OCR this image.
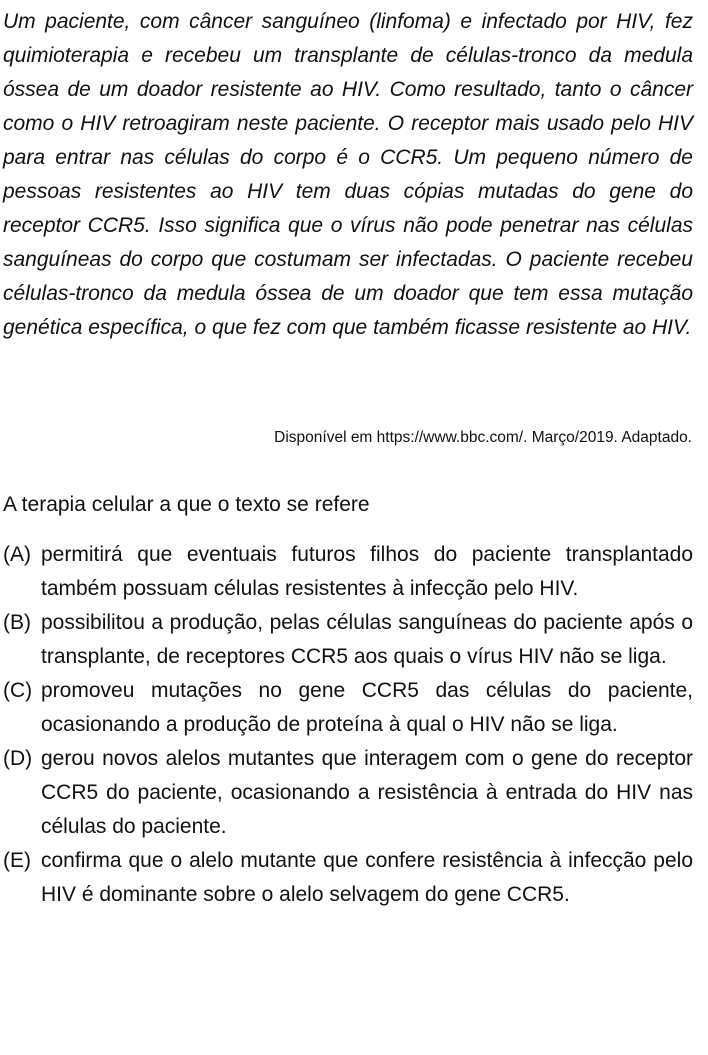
Um paciente, com câncer sanguíneo (linfoma) e infectado por HIV, fez quimioterapia e recebeu um transplante de células-tronco da medula óssea de um doador resistente ao HIV. Como resultado, tanto o câncer como o HIV retroagiram neste paciente. O receptor mais usado pelo HIV para entrar nas células do corpo é o CCR5. Um pequeno número de pessoas resistentes ao HIV tem duas cópias mutadas do gene do receptor CCR5. Isso significa que o vírus não pode penetrar nas células sanguíneas do corpo que costumam ser infectadas. O paciente recebeu células-tronco da medula óssea de um doador que tem essa mutação genética específica, o que fez com que também ficasse resistente ao HIV.

Disponível em https://www.bbc.com/. Março/2019. Adaptado.
A terapia celular a que o texto se refere
(A) permitirá que eventuais futuros filhos do paciente transplantado também possuam células resistentes à infecção pelo HIV.
(B) possibilitou a produção, pelas células sanguíneas do paciente após o transplante, de receptores CCR5 aos quais o vírus HIV não se liga.
(C) promoveu mutações no gene CCR5 das células do paciente, ocasionando a produção de proteína à qual o HIV não se liga.
(D) gerou novos alelos mutantes que interagem com o gene do receptor CCR5 do paciente, ocasionando a resistência à entrada do HIV nas células do paciente.
(E) confirma que o alelo mutante que confere resistência à infecção pelo HIV é dominante sobre o alelo selvagem do gene CCR5.
